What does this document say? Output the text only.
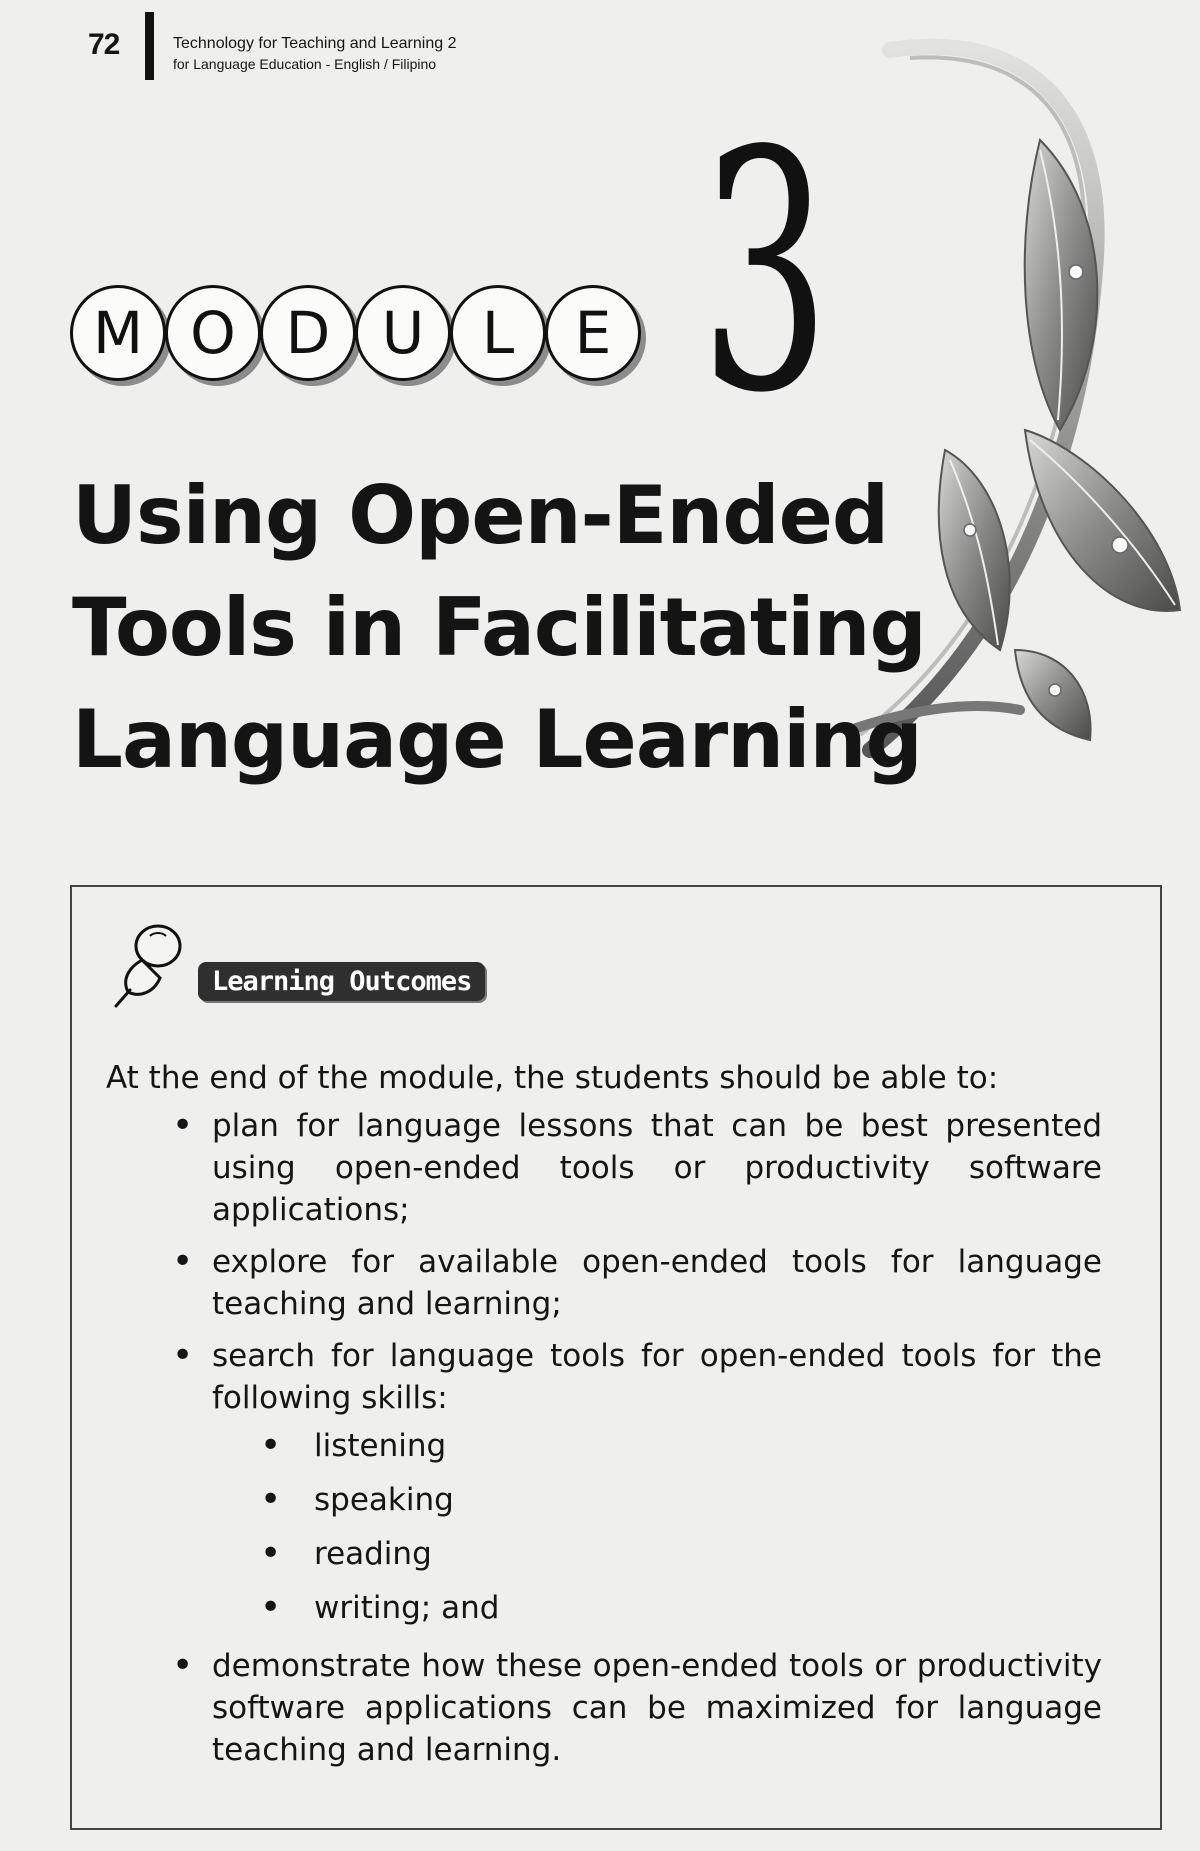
72	Technology for Teaching and Learning 2
for Language Education - English / Filipino
M O D U L	E 3
Using Open-Ended
Tools in Facilitating
Language Learning
Learning Outcomes
At the end of the module, the students should be able to:
• plan for language lessons that can be best presented using open-ended tools or productivity software applications;
• explore for available open-ended tools for language teaching and learning;
• search for language tools for open-ended tools for the following skills:
• listening
• speaking
• reading
• writing; and
• demonstrate how these open-ended tools or productivity software applications can be maximized for language teaching and learning.
